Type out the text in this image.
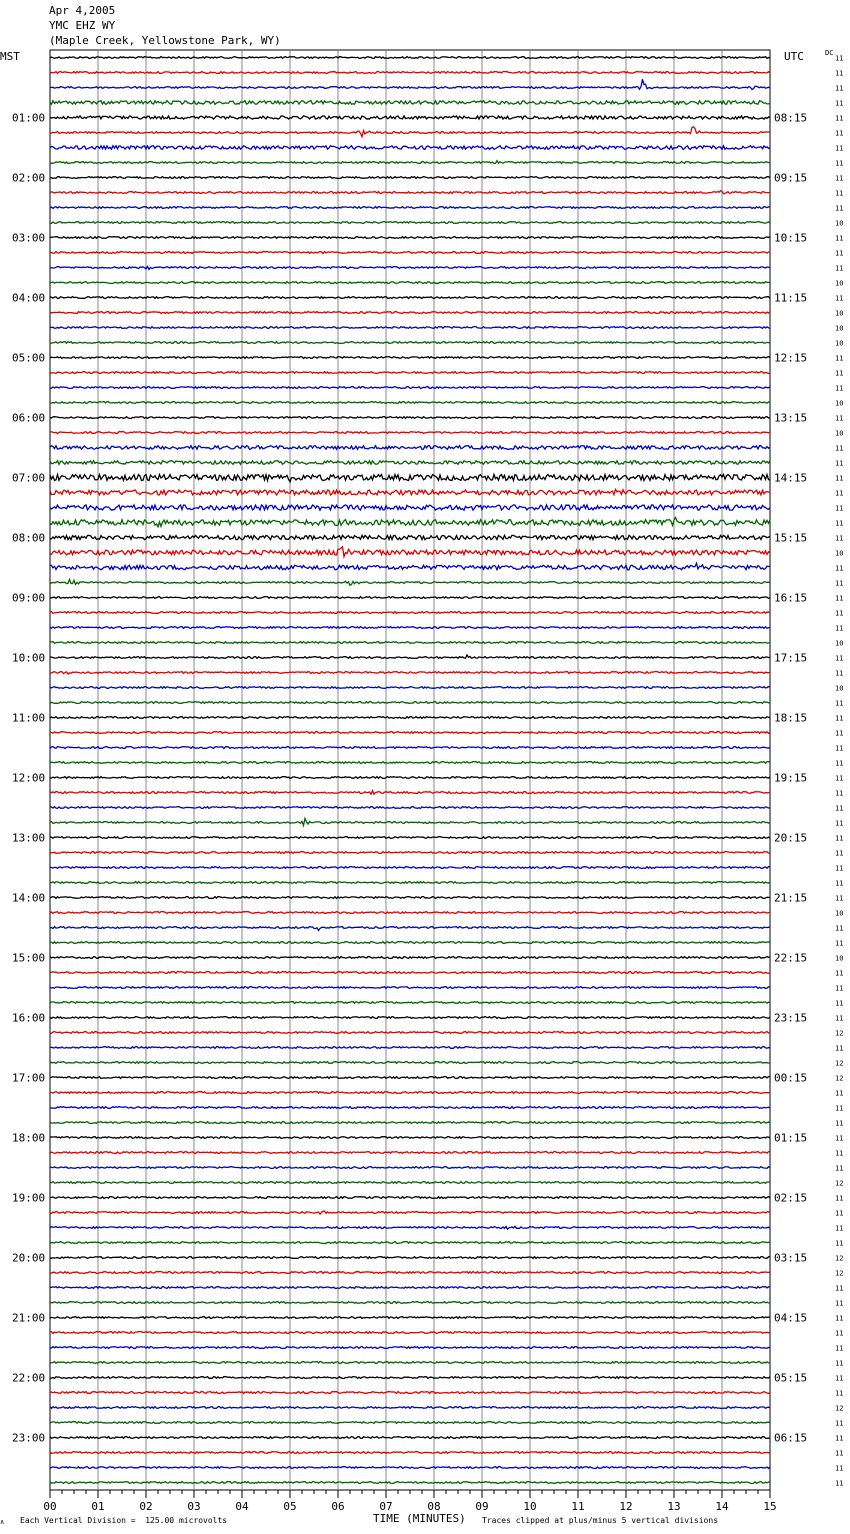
Apr 4,2005
YMC EHZ WY
(Maple Creek, Yellowstone Park, WY)
MST	UTC	DC
01:00
02:00
03:00
04:00
05:00
06:00
07:00
08:00
09:00
10:00
11:00
12:00
13:00
14:00
15:00
16:00
17:00
18:00
19:00
20:00
21:00
22:00
23:00
08:15
09:15
10:15
11:15
12:15
13:15
14:15
15:15
16:15
17:15
18:15
19:15
20:15
21:15
22:15
23:15
00:15
01:15
02:15
03:15
04:15
05:15
06:15
11
11
11
11
11
11
11
11
11
11
11
10
11
11
11
10
11
10
10
10
11
11
11
10
11
10
11
11
11
11
11
11
11
10
11
11
11
11
11
10
11
11
10
11
11
11
11
11
11
11
11
11
11
11
11
11
11
10
11
11
10
11
11
11
11
12
11
12
12
11
11
11
11
11
11
12
11
11
11
11
12
12
11
11
11
11
11
11
11
11
12
11
11
11
11
11
00	01	02	03	04	05	06	07	08	09	10	11	12	13	14	15
∧ Each Vertical Division =  125.00 microvolts	TIME (MINUTES) Traces clipped at plus/minus 5 vertical divisions
